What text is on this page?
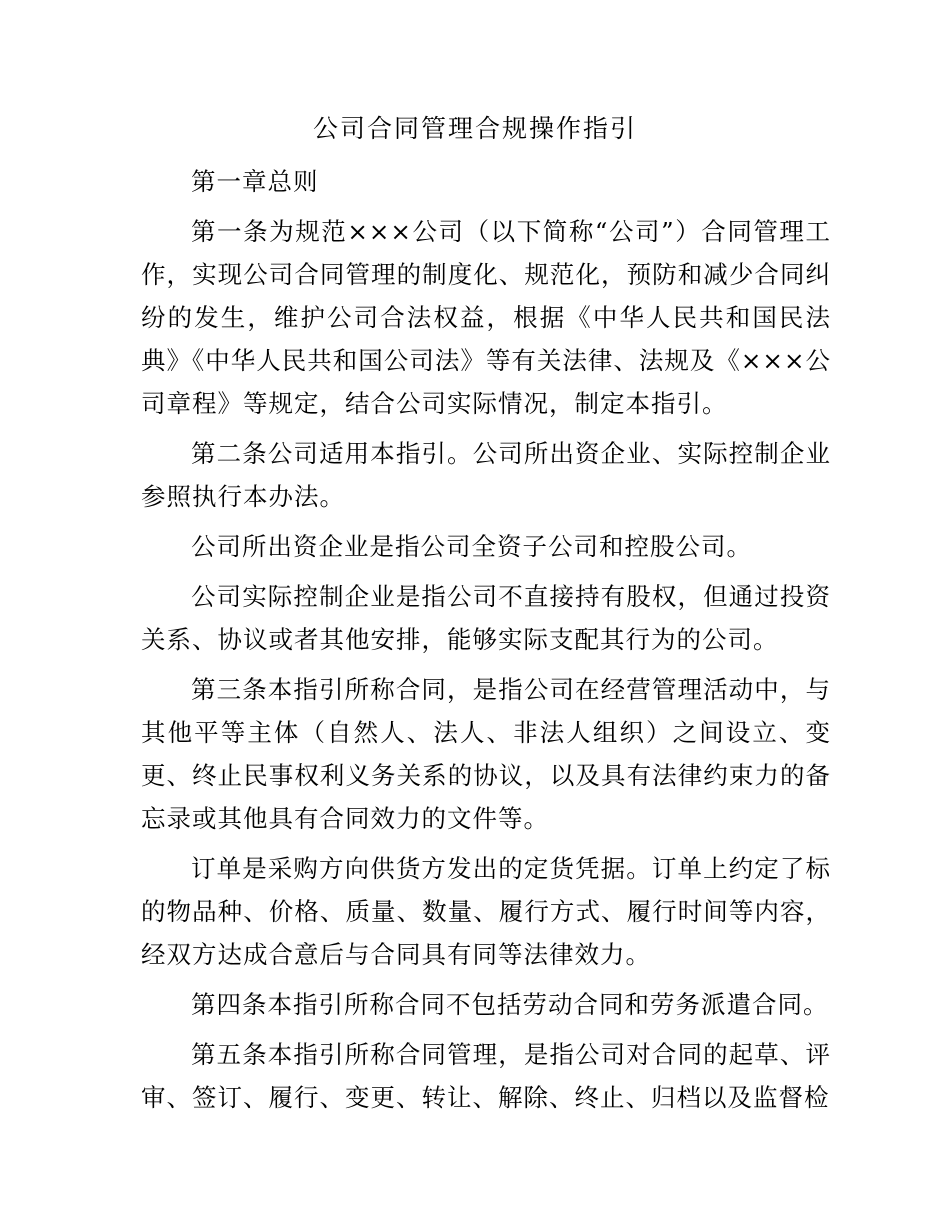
公司合同管理合规操作指引

第一章总则

第一条为规范×××公司（以下简称“公司”）合同管理工作，实现公司合同管理的制度化、规范化，预防和减少合同纠纷的发生，维护公司合法权益，根据《中华人民共和国民法典》《中华人民共和国公司法》等有关法律、法规及《×××公司章程》等规定，结合公司实际情况，制定本指引。

第二条公司适用本指引。公司所出资企业、实际控制企业参照执行本办法。

公司所出资企业是指公司全资子公司和控股公司。

公司实际控制企业是指公司不直接持有股权，但通过投资关系、协议或者其他安排，能够实际支配其行为的公司。

第三条本指引所称合同，是指公司在经营管理活动中，与其他平等主体（自然人、法人、非法人组织）之间设立、变更、终止民事权利义务关系的协议，以及具有法律约束力的备忘录或其他具有合同效力的文件等。

订单是采购方向供货方发出的定货凭据。订单上约定了标的物品种、价格、质量、数量、履行方式、履行时间等内容，经双方达成合意后与合同具有同等法律效力。

第四条本指引所称合同不包括劳动合同和劳务派遣合同。

第五条本指引所称合同管理，是指公司对合同的起草、评审、签订、履行、变更、转让、解除、终止、归档以及监督检
